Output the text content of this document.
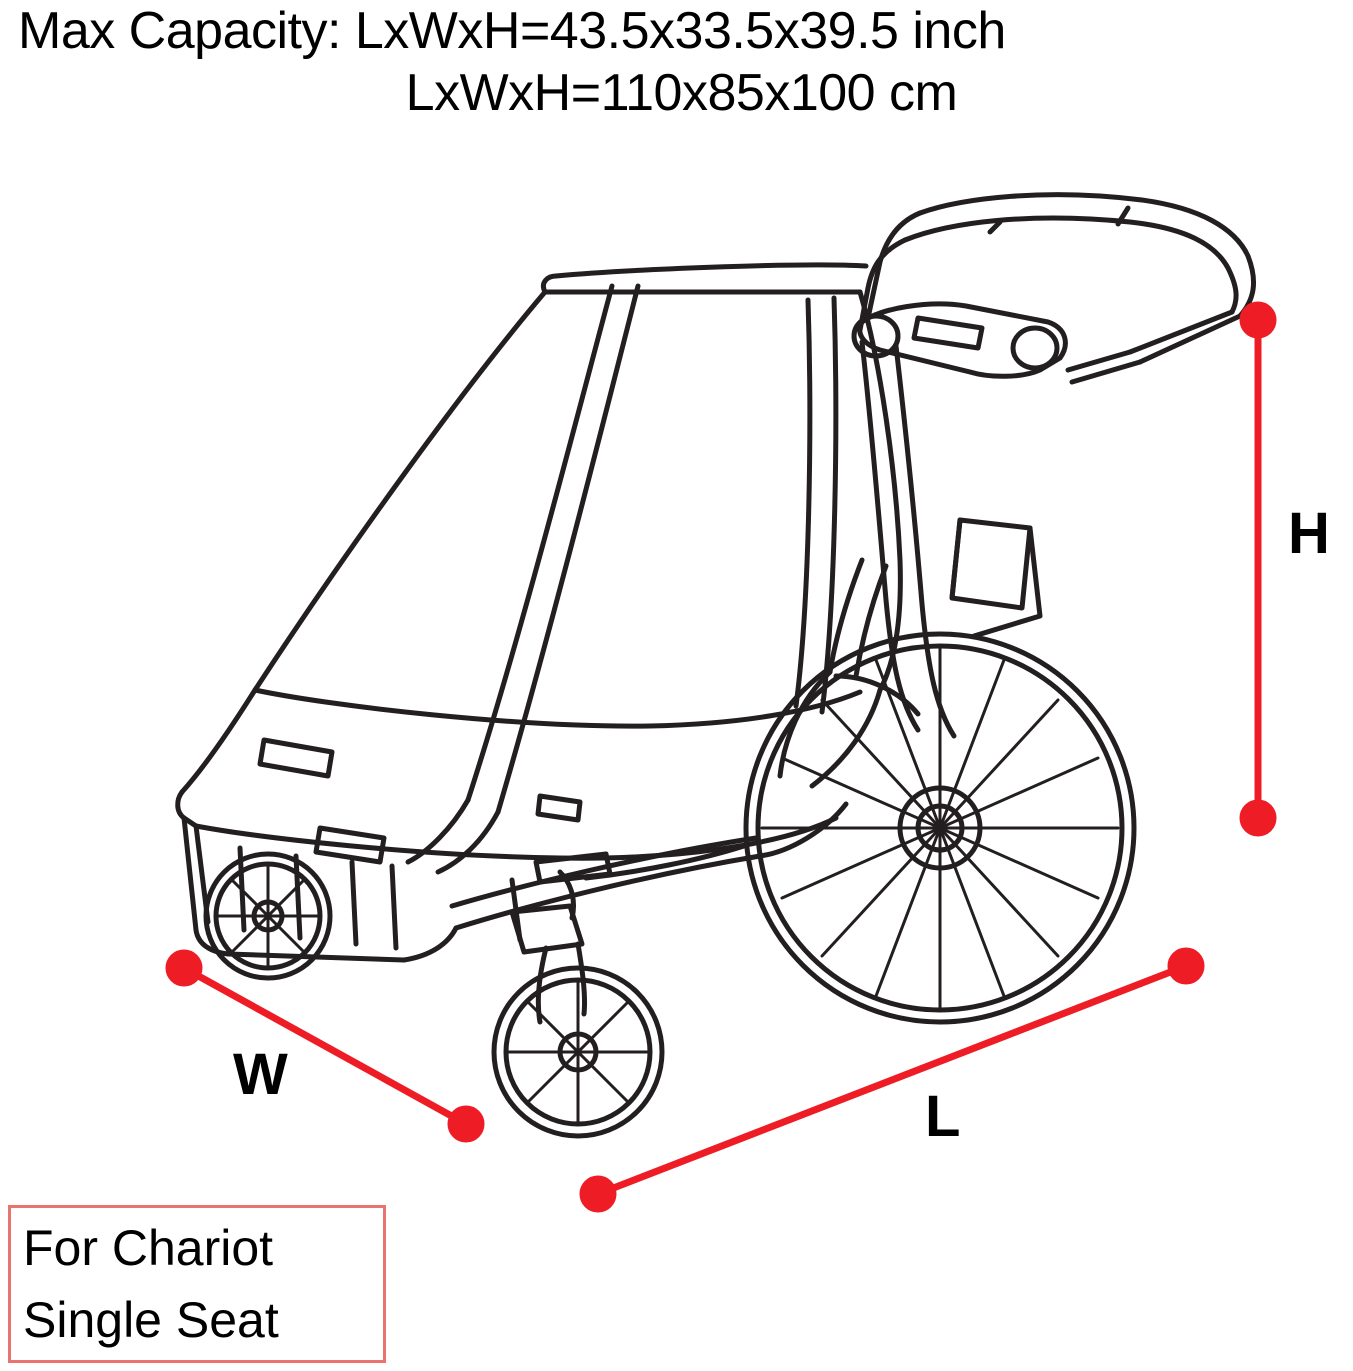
Max Capacity: LxWxH=43.5x33.5x39.5 inch
LxWxH=110x85x100 cm
H
W
L
For Chariot
Single Seat
